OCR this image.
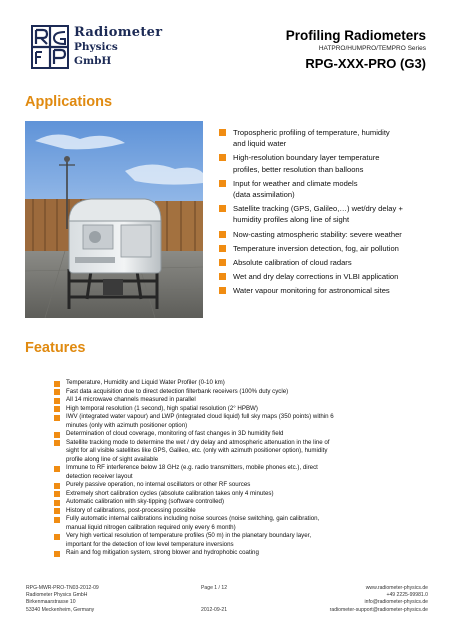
Radiometer
Physics
GmbH
Profiling Radiometers
HATPRO/HUMPRO/TEMPRO Series
RPG-XXX-PRO (G3)
Applications
Tropospheric profiling of temperature, humidity
and liquid water
High-resolution boundary layer temperature
profiles, better resolution than balloons
Input for weather and climate models
(data assimilation)
Satellite tracking (GPS, Galileo,…) wet/dry delay +
humidity profiles along line of sight
Now-casting atmospheric stability: severe weather
Temperature inversion detection, fog, air pollution
Absolute calibration of cloud radars
Wet and dry delay corrections in VLBI application
Water vapour monitoring for astronomical sites
Features
Temperature, Humidity and Liquid Water Profiler (0-10 km)
Fast data acquisition due to direct detection filterbank receivers (100% duty cycle)
All 14 microwave channels measured in parallel
High temporal resolution (1 second), high spatial resolution (2° HPBW)
IWV (integrated water vapour) and LWP (integrated cloud liquid) full sky maps (350 points) within 6
minutes (only with azimuth positioner option)
Determination of cloud coverage, monitoring of fast changes in 3D humidity field
Satellite tracking mode to determine the wet / dry delay and atmospheric attenuation in the line of
sight for all visible satellites like GPS, Galileo, etc. (only with azimuth positioner option), humidity
profile along line of sight available
Immune to RF interference below 18 GHz (e.g. radio transmitters, mobile phones etc.), direct
detection receiver layout
Purely passive operation, no internal oscillators or other RF sources
Extremely short calibration cycles (absolute calibration takes only 4 minutes)
Automatic calibration with sky-tipping (software controlled)
History of calibrations, post-processing possible
Fully automatic internal calibrations including noise sources (noise switching, gain calibration,
manual liquid nitrogen calibration required only every 6 month)
Very high vertical resolution of temperature profiles (50 m) in the planetary boundary layer,
important for the detection of low level temperature inversions
Rain and fog mitigation system, strong blower and hydrophobic coating
RPG-MWR-PRO-TN03-2012-09
Radiometer Physics GmbH
Birkenmaarstrasse 10
53340 Meckenheim, Germany
Page 1 / 12
2012-09-21
www.radiometer-physics.de
+49 2225-99981.0
info@radiometer-physics.de
radiometer-support@radiometer-physics.de
